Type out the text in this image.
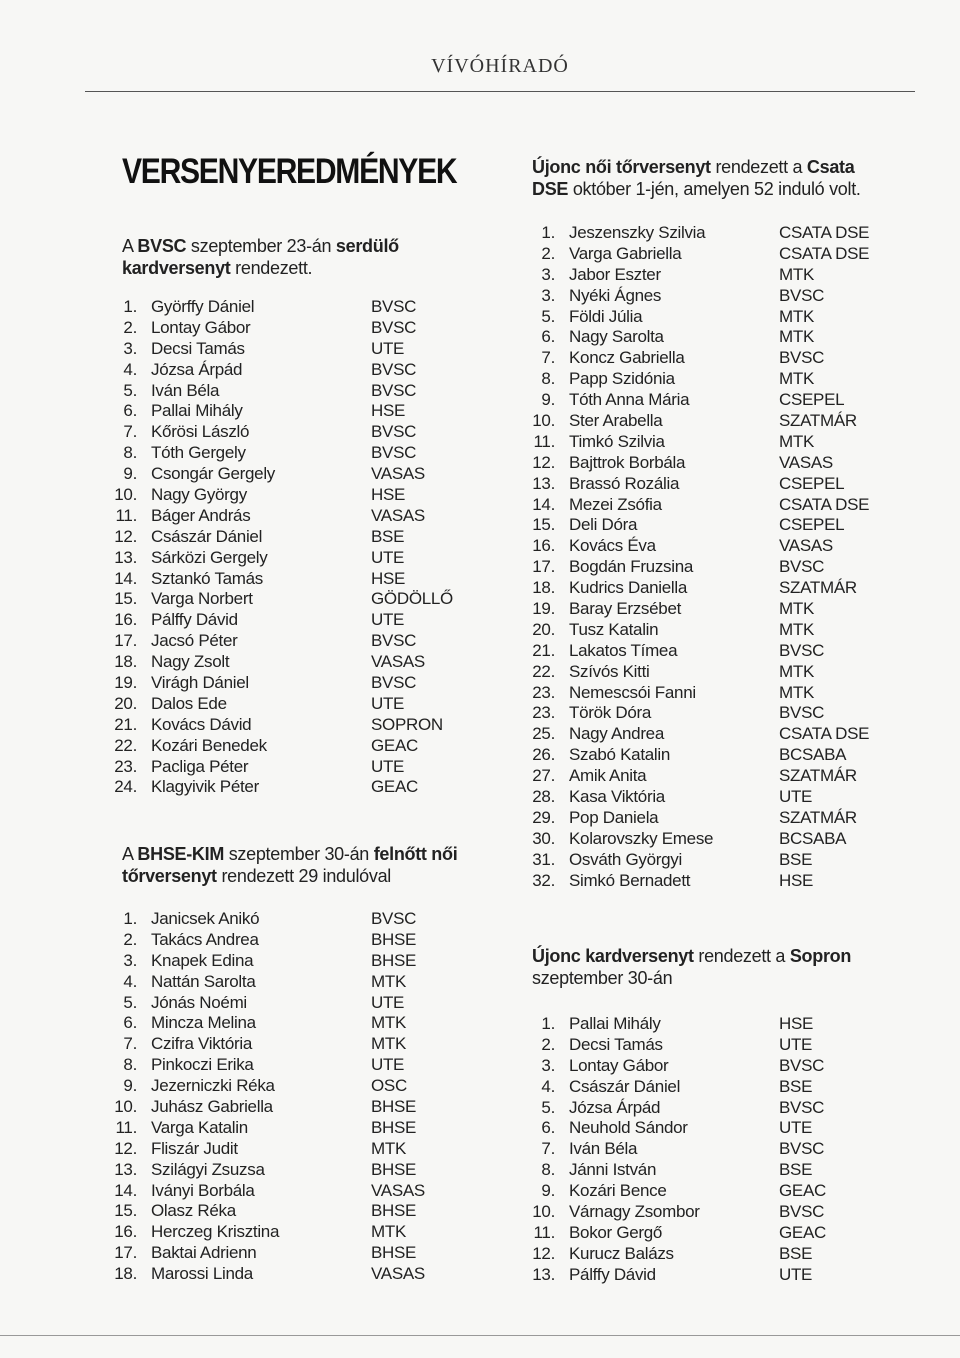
VÍVÓHÍRADÓ
VERSENYEREDMÉNYEK
A BVSC szeptember 23-án serdülő kardversenyt rendezett.
1. Györffy Dániel	BVSC
2. Lontay Gábor	BVSC
3. Decsi Tamás	UTE
4. Józsa Árpád	BVSC
5. Iván Béla	BVSC
6. Pallai Mihály	HSE
7. Kőrösi László	BVSC
8. Tóth Gergely	BVSC
9. Csongár Gergely	VASAS
10. Nagy György	HSE
11. Báger András	VASAS
12. Császár Dániel	BSE
13. Sárközi Gergely	UTE
14. Sztankó Tamás	HSE
15. Varga Norbert	GÖDÖLLŐ
16. Pálffy Dávid	UTE
17. Jacsó Péter	BVSC
18. Nagy Zsolt	VASAS
19. Virágh Dániel	BVSC
20. Dalos Ede	UTE
21. Kovács Dávid	SOPRON
22. Kozári Benedek	GEAC
23. Pacliga Péter	UTE
24. Klagyivik Péter	GEAC
A BHSE-KIM szeptember 30-án felnőtt női tőrversenyt rendezett 29 indulóval
1. Janicsek Anikó	BVSC
2. Takács Andrea	BHSE
3. Knapek Edina	BHSE
4. Nattán Sarolta	MTK
5. Jónás Noémi	UTE
6. Mincza Melina	MTK
7. Czifra Viktória	MTK
8. Pinkoczi Erika	UTE
9. Jezerniczki Réka	OSC
10. Juhász Gabriella	BHSE
11. Varga Katalin	BHSE
12. Fliszár Judit	MTK
13. Szilágyi Zsuzsa	BHSE
14. Iványi Borbála	VASAS
15. Olasz Réka	BHSE
16. Herczeg Krisztina	MTK
17. Baktai Adrienn	BHSE
18. Marossi Linda	VASAS
Újonc női tőrversenyt rendezett a Csata DSE október 1-jén, amelyen 52 induló volt.
1. Jeszenszky Szilvia	CSATA DSE
2. Varga Gabriella	CSATA DSE
3. Jabor Eszter	MTK
3. Nyéki Ágnes	BVSC
5. Földi Júlia	MTK
6. Nagy Sarolta	MTK
7. Koncz Gabriella	BVSC
8. Papp Szidónia	MTK
9. Tóth Anna Mária	CSEPEL
10. Ster Arabella	SZATMÁR
11. Timkó Szilvia	MTK
12. Bajttrok Borbála	VASAS
13. Brassó Rozália	CSEPEL
14. Mezei Zsófia	CSATA DSE
15. Deli Dóra	CSEPEL
16. Kovács Éva	VASAS
17. Bogdán Fruzsina	BVSC
18. Kudrics Daniella	SZATMÁR
19. Baray Erzsébet	MTK
20. Tusz Katalin	MTK
21. Lakatos Tímea	BVSC
22. Szívós Kitti	MTK
23. Nemescsói Fanni	MTK
23. Török Dóra	BVSC
25. Nagy Andrea	CSATA DSE
26. Szabó Katalin	BCSABA
27. Amik Anita	SZATMÁR
28. Kasa Viktória	UTE
29. Pop Daniela	SZATMÁR
30. Kolarovszky Emese	BCSABA
31. Osváth Györgyi	BSE
32. Simkó Bernadett	HSE
Újonc kardversenyt rendezett a Sopron szeptember 30-án
1. Pallai Mihály	HSE
2. Decsi Tamás	UTE
3. Lontay Gábor	BVSC
4. Császár Dániel	BSE
5. Józsa Árpád	BVSC
6. Neuhold Sándor	UTE
7. Iván Béla	BVSC
8. Jánni István	BSE
9. Kozári Bence	GEAC
10. Várnagy Zsombor	BVSC
11. Bokor Gergő	GEAC
12. Kurucz Balázs	BSE
13. Pálffy Dávid	UTE
